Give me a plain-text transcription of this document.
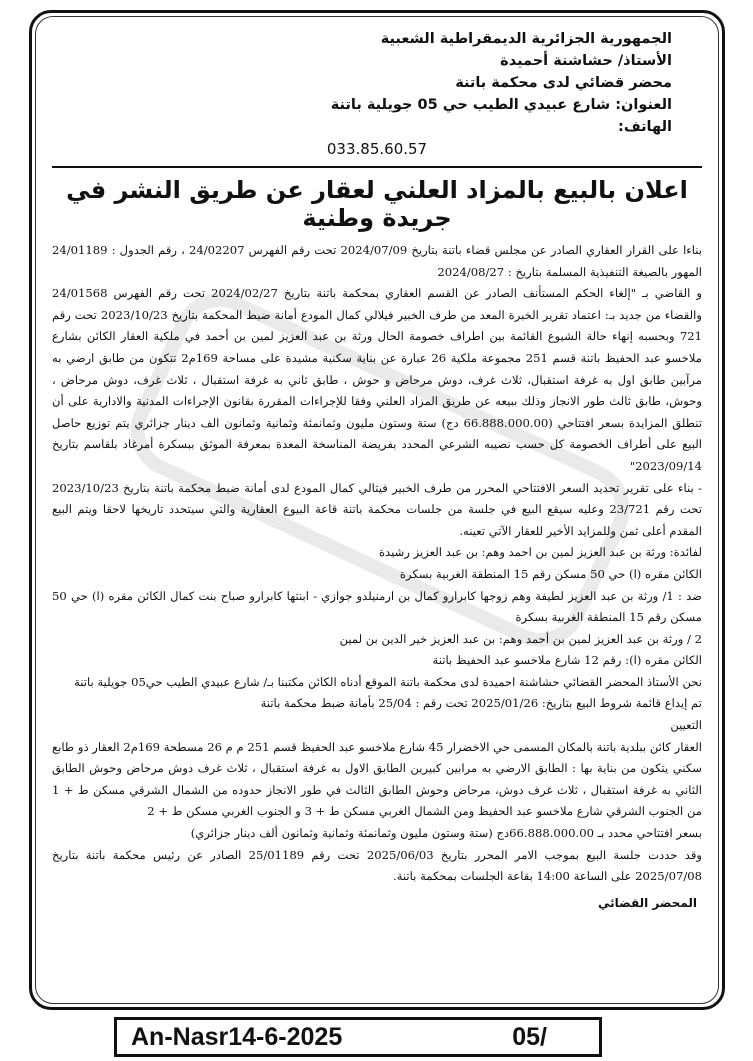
الجمهورية الجزائرية الديمقراطية الشعبية
الأستاذ/ حشاشنة أحميدة
محضر قضائي لدى محكمة باتنة
العنوان: شارع عبيدي الطيب حي 05 جويلية باتنة
الهاتف:
033.85.60.57
اعلان بالبيع بالمزاد العلني لعقار عن طريق النشر في جريدة وطنية

بناءا على القرار العقاري الصادر عن مجلس قضاء باتنة بتاريخ 2024/07/09 تحت رقم الفهرس 24/02207 ، رقم الجدول : 24/01189 المهور بالصيغة التنفيذية المسلمة بتاريخ : 2024/08/27

و القاضي بـ "إلغاء الحكم المستأنف الصادر عن القسم العقاري بمحكمة باتنة بتاريخ 2024/02/27 تحت رقم الفهرس 24/01568 والقضاء من جديد بـ: اعتماد تقرير الخبرة المعد من طرف الخبير فيلالي كمال المودع أمانة ضبط المحكمة بتاريخ 2023/10/23 تحت رقم 721 وبحسبه إنهاء حالة الشيوع القائمة بين اطراف خصومة الحال ورثة بن عبد العزيز لمين بن أحمد في ملكية العقار الكائن بشارع ملاخسو عبد الحفيظ باتنة قسم 251 مجموعة ملكية 26 عبارة عن بناية سكنية مشيدة على مساحة 169م2 تتكون من طابق ارضي به مرآبين طابق اول به غرفة استقبال، ثلاث غرف، دوش مرحاض و حوش ، طابق ثاني به غرفة استقبال ، ثلاث غرف، دوش مرحاض ، وحوش، طابق ثالث طور الانجاز وذلك ببيعه عن طريق المزاد العلني وفقا للإجراءات المقررة بقانون الإجراءات المدنية والادارية على أن تنطلق المزايدة بسعر افتتاحي (66.888.000.00 دج) ستة وستون مليون وثمانمئة وثمانية وثمانون الف دينار جزائري يتم توزيع حاصل البيع على أطراف الخصومة كل حسب نصيبه الشرعي المحدد بفريضة المناسخة المعدة بمعرفة الموثق ببسكرة أمرغاد بلقاسم بتاريخ 2023/09/14"

- بناء على تقرير تحديد السعر الافتتاحي المحرر من طرف الخبير فيتالي كمال المودع لدى أمانة ضبط محكمة باتنة بتاريخ 2023/10/23 تحت رقم 23/721 وعليه سيقع البيع في جلسة من جلسات محكمة باتنة قاعة البيوع العقارية والتي سيتحدد تاريخها لاحقا ويتم البيع المقدم أعلى ثمن وللمزايد الأخير للعقار الآتي تعينه.

لفائدة: ورثة بن عبد العزيز لمين بن احمد وهم: بن عبد العزيز رشيدة

الكائن مقره (ا) حي 50 مسكن رقم 15 المنطقة الغربية بسكرة

ضد : 1/ ورثة بن عبد العزيز لطيفة وهم زوجها كابرارو كمال بن ارمنيلدو جوازي - ابنتها كابرارو صباح بنت كمال الكائن مقره (ا) حي 50 مسكن رقم 15 المنطقة الغربية بسكرة

2 / ورثة بن عبد العزيز لمين بن أحمد وهم: بن عبد العزيز خير الدين بن لمين

الكائن مقره (ا): رقم 12 شارع ملاخسو عبد الحفيظ باتنة

نحن الأستاذ المحضر القضائي حشاشنة احميدة لدى محكمة باتنة الموقع أدناه الكائن مكتبنا بـ/ شارع عبيدي الطيب حي05 جويلية باتنة

تم إيداع قائمة شروط البيع بتاريخ: 2025/01/26 تحت رقم : 25/04 بأمانة ضبط محكمة باتنة

التعيين

العقار كائن ببلدية باتنة بالمكان المسمى حي الاخضرار 45 شارع ملاخسو عبد الحفيظ قسم 251 م م 26 مسطحة 169م2 العقار ذو طابع سكني يتكون من بناية بها : الطابق الارضي به مرابين كبيرين الطابق الاول به غرفة استقبال ، ثلاث غرف دوش مرحاض وحوش الطابق الثاني به غرفة استقبال ، ثلاث غرف دوش، مرحاض وحوش الطابق الثالث في طور الانجاز حدوده من الشمال الشرقي مسكن ط + 1 من الجنوب الشرقي شارع ملاخسو عبد الحفيظ ومن الشمال الغربي مسكن ط + 3 و الجنوب الغربي مسكن ط + 2

بسعر افتتاحي محدد بـ 66.888.000.00دج (ستة وستون مليون وثمانمئة وثمانية وثمانون ألف دينار جزائري)

وقد حددت جلسة البيع بموجب الامر المحرر بتاريخ 2025/06/03 تحت رقم 25/01189 الصادر عن رئيس محكمة باتنة بتاريخ 2025/07/08 على الساعة 14:00 بقاعة الجلسات بمحكمة باتنة.

المحضر القضائي
An-Nasr14-6-2025	05/
